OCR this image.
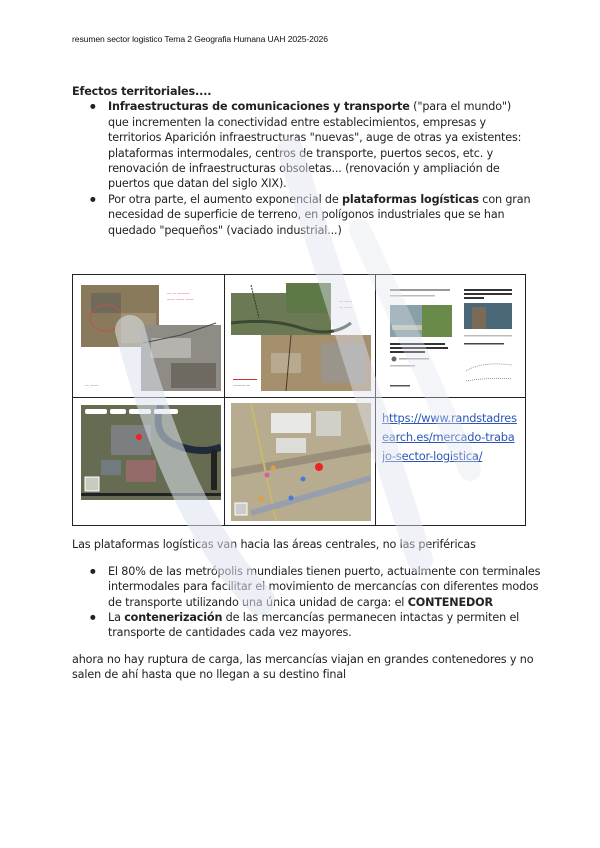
resumen sector logistico Tema 2 Geografia Humana UAH 2025-2026

Efectos territoriales....

● Infraestructuras de comunicaciones y transporte ("para el mundo") que incrementen la conectividad entre establecimientos, empresas y territorios Aparición infraestructuras "nuevas", auge de otras ya existentes: plataformas intermodales, centros de transporte, puertos secos, etc. y renovación de infraestructuras obsoletas... (renovación y ampliación de puertos que datan del siglo XIX).
● Por otra parte, el aumento exponencial de plataformas logísticas con gran necesidad de superficie de terreno, en polígonos industriales que se han quedado "pequeños" (vaciado industrial...)
— — ———
—— —— ——
— ——
— ——
— ——
——— —
https://www.randstadresearch.es/mercado-trabajo-sector-logistica/

Las plataformas logísticas van hacia las áreas centrales, no las periféricas

● El 80% de las metrópolis mundiales tienen puerto, actualmente con terminales intermodales para facilitar el movimiento de mercancías con diferentes modos de transporte utilizando una única unidad de carga: el CONTENEDOR
● La contenerización de las mercancías permanecen intactas y permiten el transporte de cantidades cada vez mayores.

ahora no hay ruptura de carga, las mercancías viajan en grandes contenedores y no salen de ahí hasta que no llegan a su destino final
